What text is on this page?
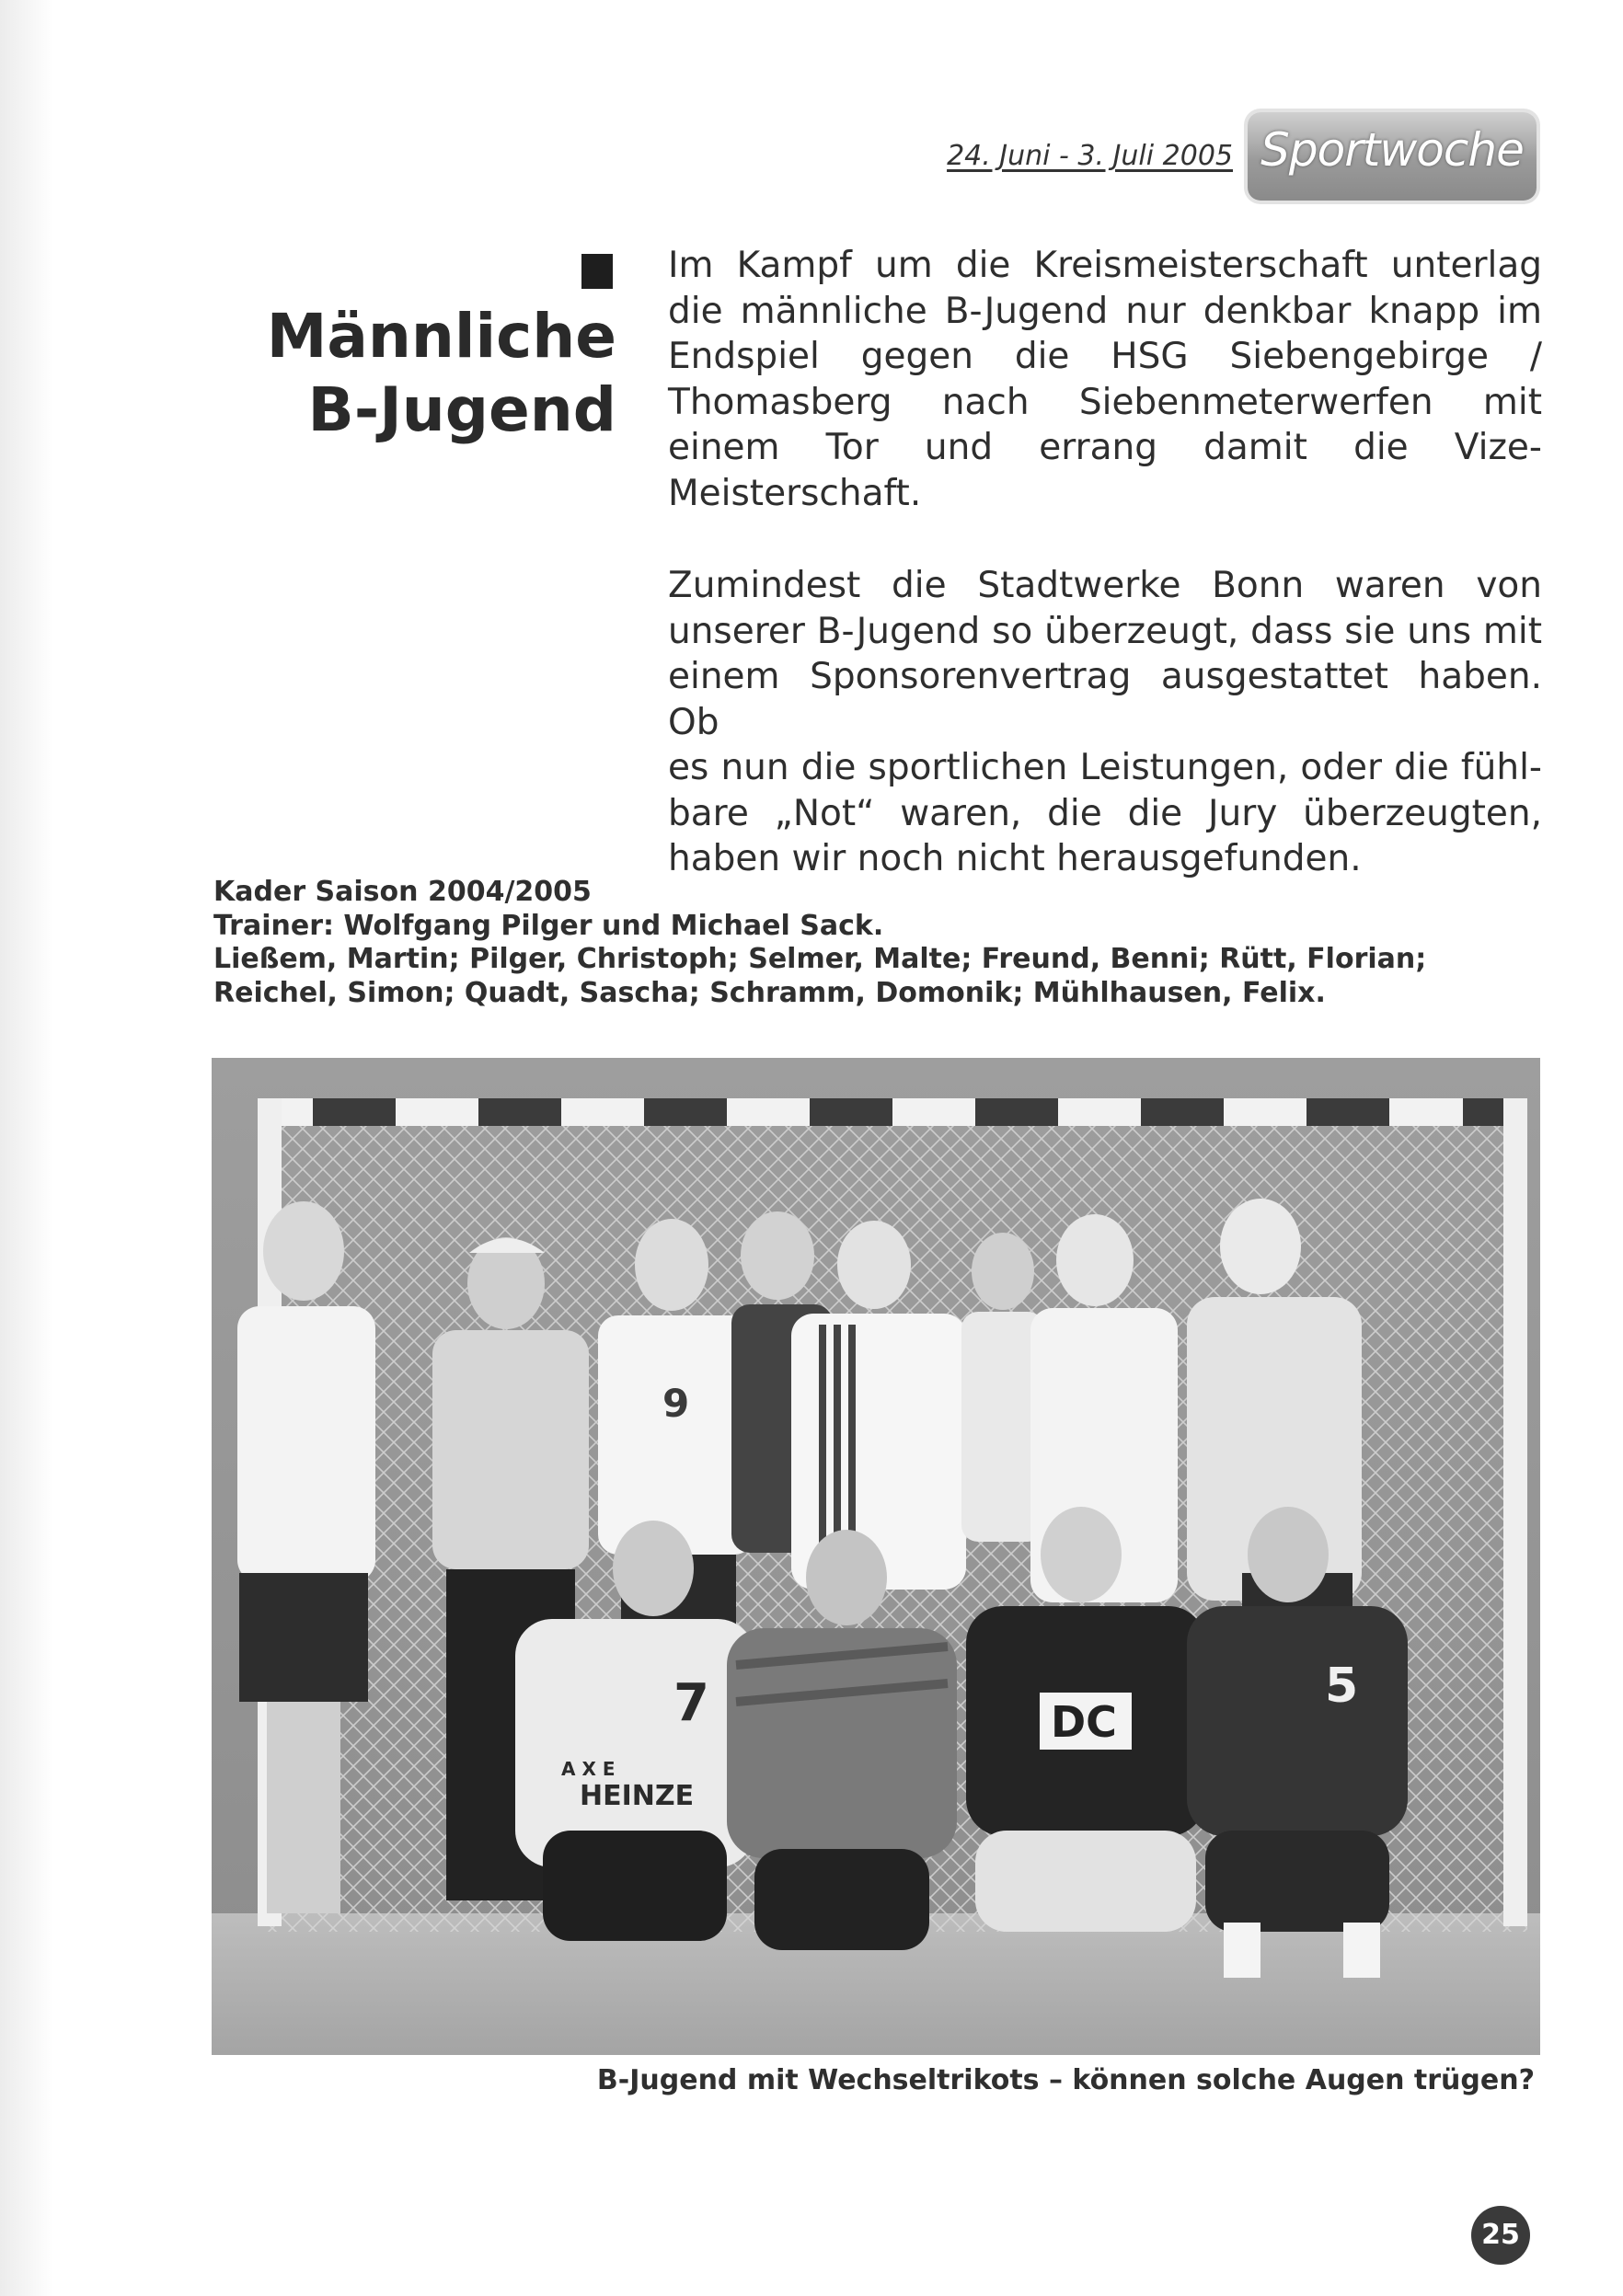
24. Juni - 3. Juli 2005 Sportwoche
Männliche
B-Jugend

Im Kampf um die Kreismeisterschaft unterlag
die männliche B-Jugend nur denkbar knapp im
Endspiel gegen die HSG Siebengebirge /
Thomasberg nach Siebenmeterwerfen mit
einem Tor und errang damit die Vize-
Meisterschaft.

Zumindest die Stadtwerke Bonn waren von
unserer B-Jugend so überzeugt, dass sie uns mit
einem Sponsorenvertrag ausgestattet haben. Ob
es nun die sportlichen Leistungen, oder die fühl-
bare „Not“ waren, die die Jury überzeugten,
haben wir noch nicht herausgefunden.

Kader Saison 2004/2005
Trainer: Wolfgang Pilger und Michael Sack.
Ließem, Martin; Pilger, Christoph; Selmer, Malte; Freund, Benni; Rütt, Florian;
Reichel, Simon; Quadt, Sascha; Schramm, Domonik; Mühlhausen, Felix.
7
A X E
HEINZE
DC
5
9
B-Jugend mit Wechseltrikots – können solche Augen trügen?
25
